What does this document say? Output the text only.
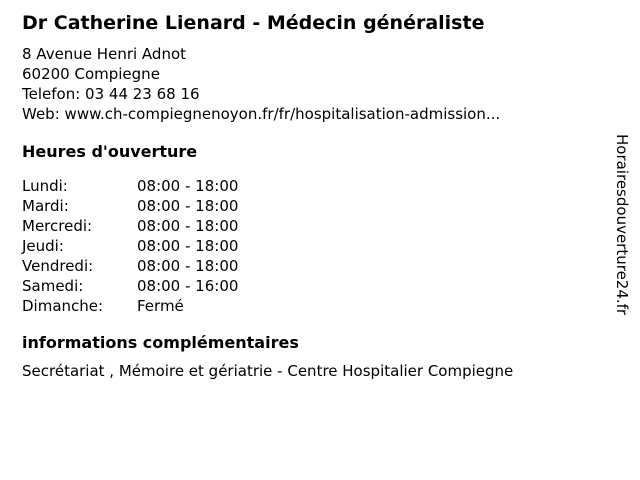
Dr Catherine Lienard - Médecin généraliste
8 Avenue Henri Adnot
60200 Compiegne
Telefon: 03 44 23 68 16
Web: www.ch-compiegnenoyon.fr/fr/hospitalisation-admission...
Heures d'ouverture
Lundi:	08:00 - 18:00
Mardi:	08:00 - 18:00
Mercredi:	08:00 - 18:00
Jeudi:	08:00 - 18:00
Vendredi:	08:00 - 18:00
Samedi:	08:00 - 16:00
Dimanche:	Fermé
informations complémentaires
Secrétariat , Mémoire et gériatrie - Centre Hospitalier Compiegne
Horairesdouverture24.fr
